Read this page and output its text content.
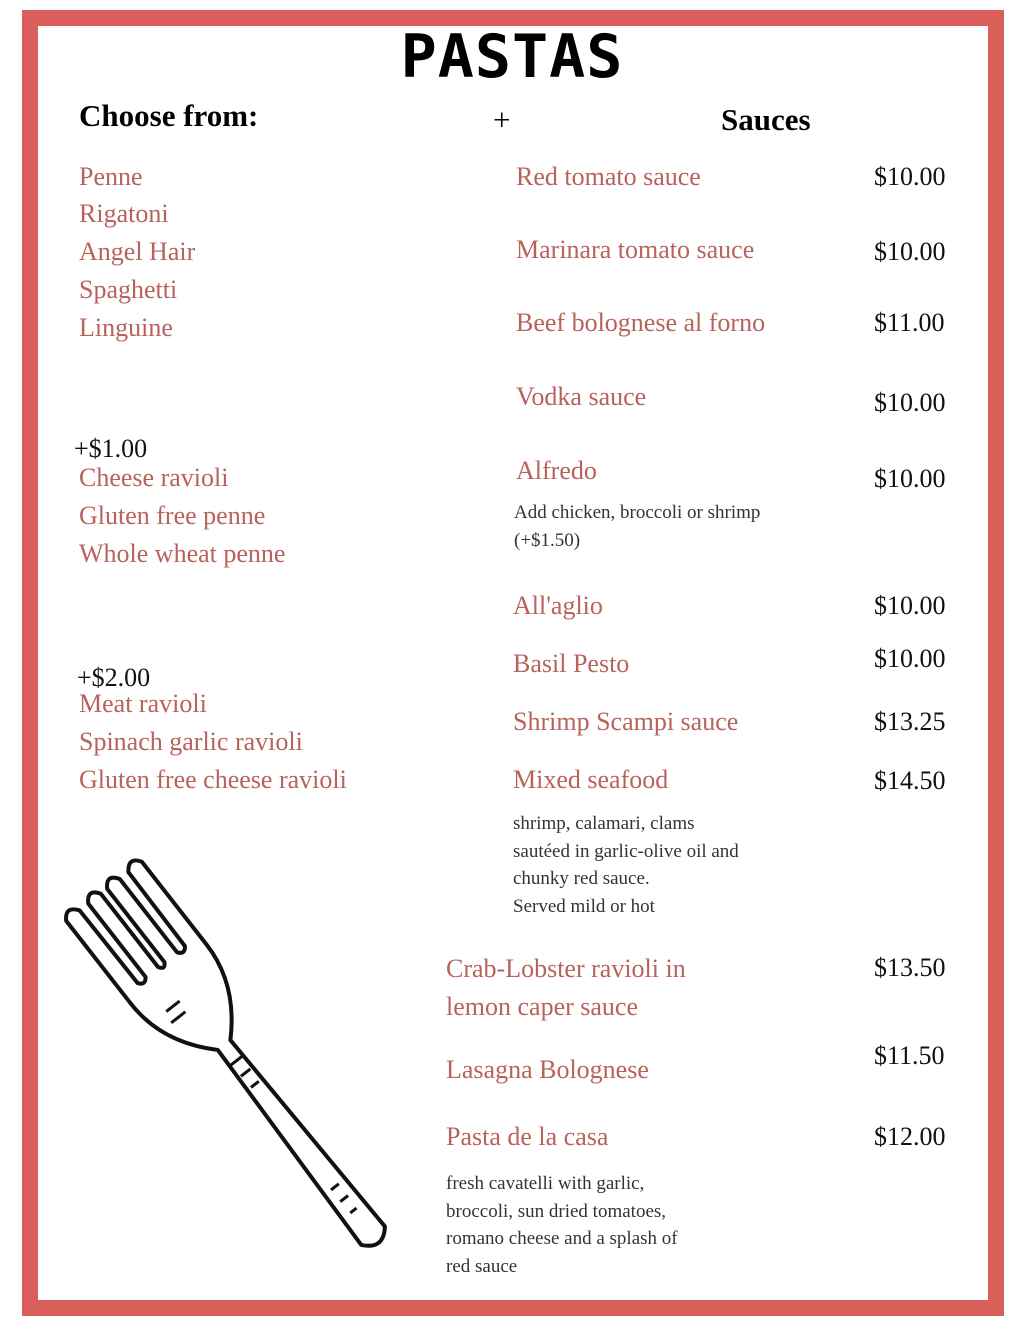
PASTAS
Choose from:	+	Sauces
Penne
Rigatoni
Angel Hair
Spaghetti
Linguine
+$1.00
Cheese ravioli
Gluten free penne
Whole wheat penne
+$2.00
Meat ravioli
Spinach garlic ravioli
Gluten free cheese ravioli
Red tomato sauce	$10.00
Marinara tomato sauce	$10.00
Beef bolognese al forno	$11.00
Vodka sauce	$10.00
Alfredo	$10.00
Add chicken, broccoli or shrimp
(+$1.50)
All'aglio	$10.00
Basil Pesto	$10.00
Shrimp Scampi sauce	$13.25
Mixed seafood	$14.50
shrimp, calamari, clams
sautéed in garlic-olive oil and
chunky red sauce.
Served mild or hot
Crab-Lobster ravioli in
lemon caper sauce
$13.50
Lasagna Bolognese	$11.50
Pasta de la casa	$12.00
fresh cavatelli with garlic,
broccoli, sun dried tomatoes,
romano cheese and a splash of
red sauce
